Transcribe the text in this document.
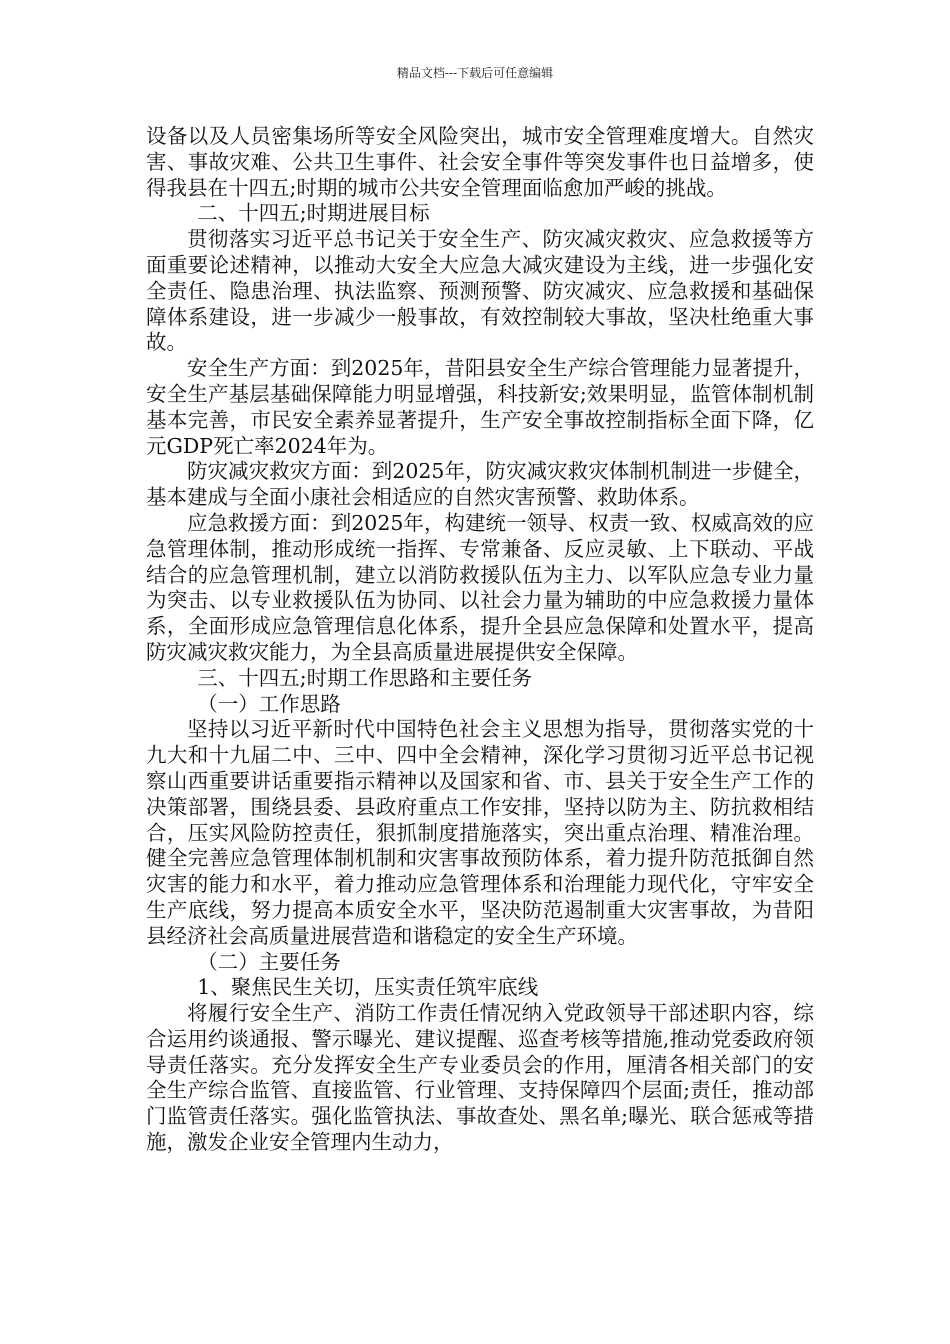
精品文档---下载后可任意编辑

设备以及人员密集场所等安全风险突出，城市安全管理难度增大。自然灾害、事故灾难、公共卫生事件、社会安全事件等突发事件也日益增多，使得我县在十四五;时期的城市公共安全管理面临愈加严峻的挑战。

二、十四五;时期进展目标

贯彻落实习近平总书记关于安全生产、防灾减灾救灾、应急救援等方面重要论述精神，以推动大安全大应急大减灾建设为主线，进一步强化安全责任、隐患治理、执法监察、预测预警、防灾减灾、应急救援和基础保障体系建设，进一步减少一般事故，有效控制较大事故，坚决杜绝重大事故。

安全生产方面：到2025年，昔阳县安全生产综合管理能力显著提升，安全生产基层基础保障能力明显增强，科技新安;效果明显，监管体制机制基本完善，市民安全素养显著提升，生产安全事故控制指标全面下降，亿元GDP死亡率2024年为。

防灾减灾救灾方面：到2025年，防灾减灾救灾体制机制进一步健全，基本建成与全面小康社会相适应的自然灾害预警、救助体系。

应急救援方面：到2025年，构建统一领导、权责一致、权威高效的应急管理体制，推动形成统一指挥、专常兼备、反应灵敏、上下联动、平战结合的应急管理机制，建立以消防救援队伍为主力、以军队应急专业力量为突击、以专业救援队伍为协同、以社会力量为辅助的中应急救援力量体系，全面形成应急管理信息化体系，提升全县应急保障和处置水平，提高防灾减灾救灾能力，为全县高质量进展提供安全保障。

三、十四五;时期工作思路和主要任务

（一）工作思路

坚持以习近平新时代中国特色社会主义思想为指导，贯彻落实党的十九大和十九届二中、三中、四中全会精神，深化学习贯彻习近平总书记视察山西重要讲话重要指示精神以及国家和省、市、县关于安全生产工作的决策部署，围绕县委、县政府重点工作安排，坚持以防为主、防抗救相结合，压实风险防控责任，狠抓制度措施落实，突出重点治理、精准治理。健全完善应急管理体制机制和灾害事故预防体系，着力提升防范抵御自然灾害的能力和水平，着力推动应急管理体系和治理能力现代化，守牢安全生产底线，努力提高本质安全水平，坚决防范遏制重大灾害事故，为昔阳县经济社会高质量进展营造和谐稳定的安全生产环境。

（二）主要任务

1、聚焦民生关切，压实责任筑牢底线

将履行安全生产、消防工作责任情况纳入党政领导干部述职内容，综合运用约谈通报、警示曝光、建议提醒、巡查考核等措施,推动党委政府领导责任落实。充分发挥安全生产专业委员会的作用，厘清各相关部门的安全生产综合监管、直接监管、行业管理、支持保障四个层面;责任，推动部门监管责任落实。强化监管执法、事故查处、黑名单;曝光、联合惩戒等措施，激发企业安全管理内生动力，
